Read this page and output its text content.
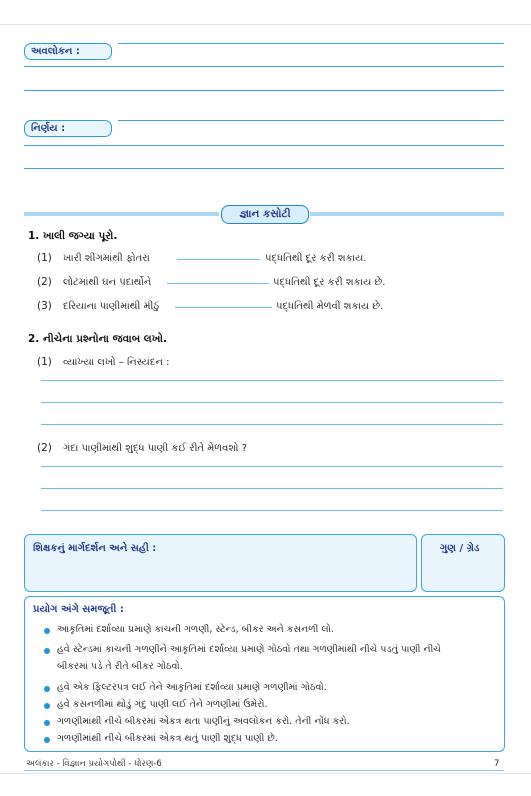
અવલોકન :
નિર્ણય :
જ્ઞાન કસોટી
1. ખાલી જગ્યા પૂરો.
(1) ખારી શીંગમાંથી ફોતરાં	પદ્ધતિથી દૂર કરી શકાય.
(2) લોટમાંથી ઘન પદાર્થોને	પદ્ધતિથી દૂર કરી શકાય છે.
(3) દરિયાના પાણીમાંથી મીઠું	પદ્ધતિથી મેળવી શકાય છે.
2. નીચેના પ્રશ્નોના જવાબ લખો.
(1) વ્યાખ્યા લખો – નિસ્યંદન :
(2) ગંદા પાણીમાંથી શુદ્ધ પાણી કઈ રીતે મેળવશો ?
શિક્ષકનું માર્ગદર્શન અને સહી :	ગુણ / ગ્રેડ
પ્રયોગ અંગે સમજૂતી :
આકૃતિમાં દર્શાવ્યા પ્રમાણે કાચની ગળણી, સ્ટેન્ડ, બીકર અને કસનળી લો.
હવે સ્ટેન્ડમાં કાચની ગળણીને આકૃતિમાં દર્શાવ્યા પ્રમાણે ગોઠવો તથા ગળણીમાંથી નીચે પડતું પાણી નીચે
બીકરમાં પડે તે રીતે બીકર ગોઠવો.
હવે એક ફિલ્ટરપત્ર લઈ તેને આકૃતિમાં દર્શાવ્યા પ્રમાણે ગળણીમાં ગોઠવો.
હવે કસનળીમાં થોડું ગંદુ પાણી લઈ તેને ગળણીમાં ઉમેરો.
ગળણીમાંથી નીચે બીકરમાં એકત્ર થતા પાણીનું અવલોકન કરો. તેની નોંધ કરો.
ગળણીમાંથી નીચે બીકરમાં એકત્ર થતું પાણી શુદ્ધ પાણી છે.
અલંકાર - વિજ્ઞાન પ્રયોગપોથી - ધોરણ-6	7
